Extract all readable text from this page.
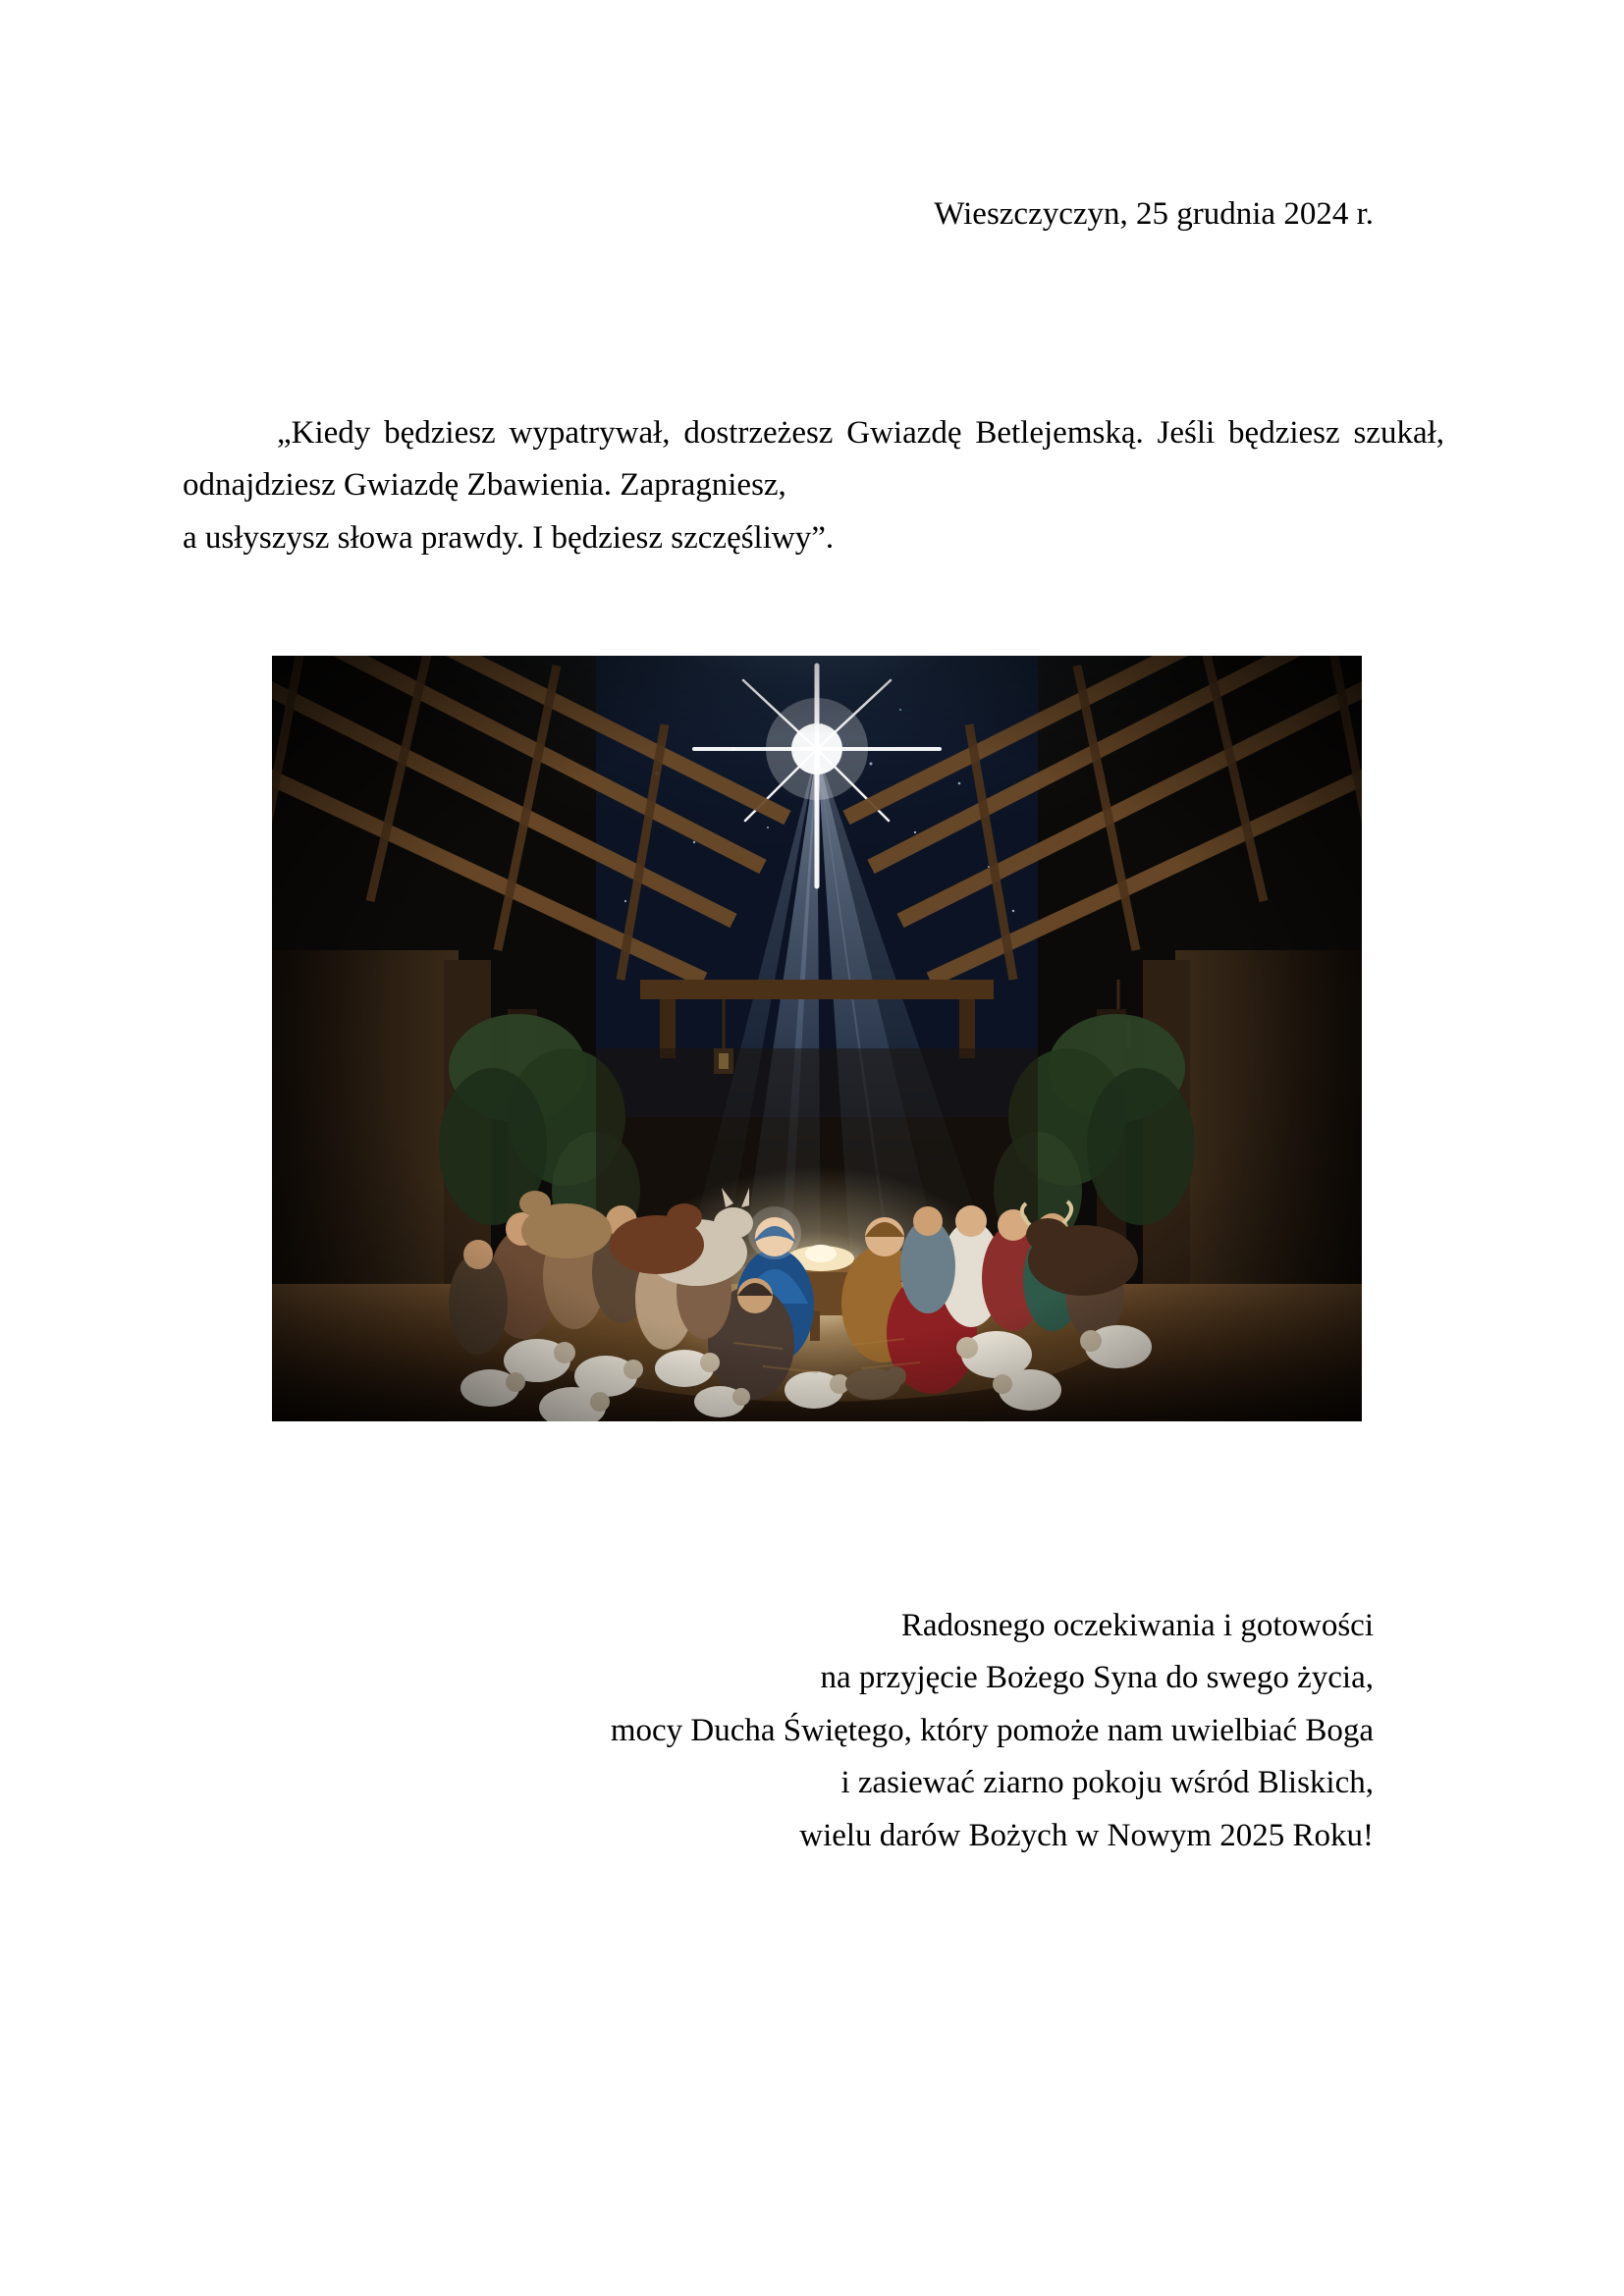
Wieszczyczyn, 25 grudnia 2024 r.
„Kiedy będziesz wypatrywał, dostrzeżesz Gwiazdę Betlejemską. Jeśli będziesz szukał, odnajdziesz Gwiazdę Zbawienia. Zapragniesz,
a usłyszysz słowa prawdy. I będziesz szczęśliwy”.
Radosnego oczekiwania i gotowości
na przyjęcie Bożego Syna do swego życia,
mocy Ducha Świętego, który pomoże nam uwielbiać Boga
i zasiewać ziarno pokoju wśród Bliskich,
wielu darów Bożych w Nowym 2025 Roku!
